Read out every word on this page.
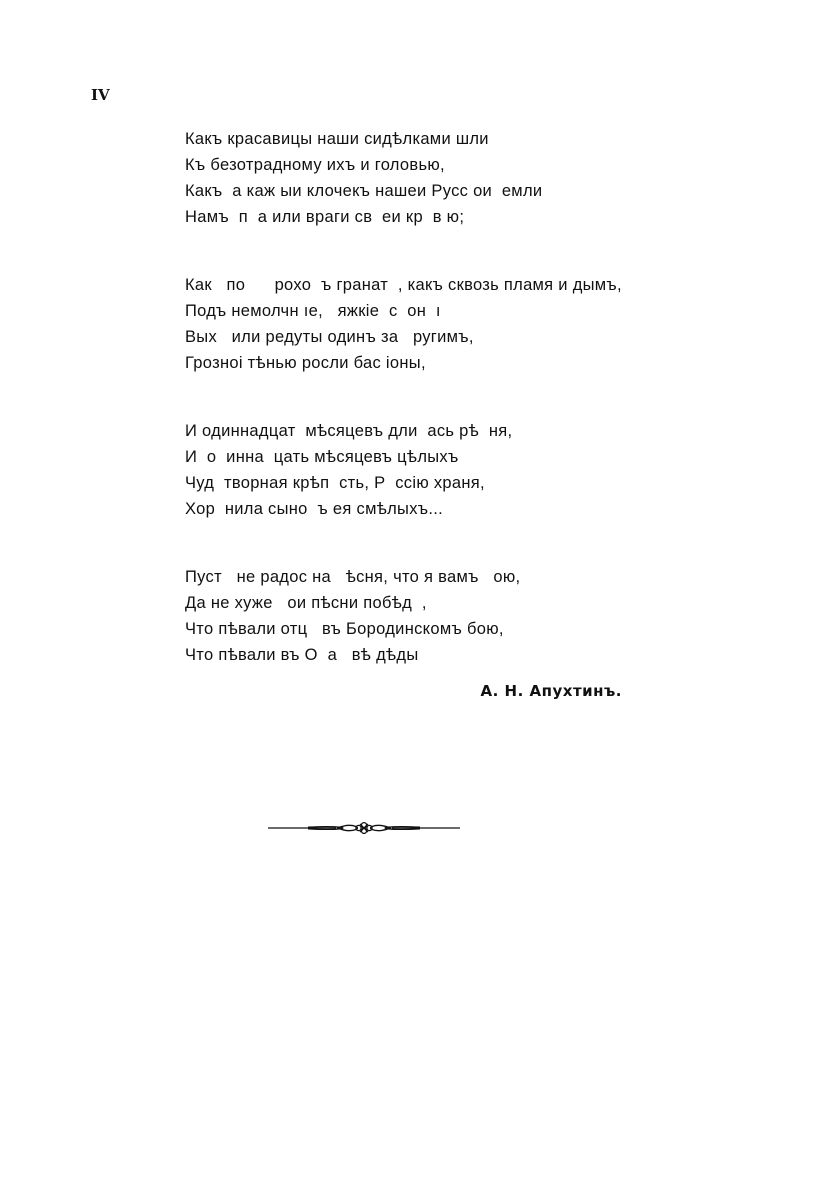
IV
Какъ красавицы наши сидѣлками шли
Къ безотрадному ихъ и головью,
Какъ  а каж ыи клочекъ нашеи Русс ои  емли
Намъ  п  а или враги св  еи кр  в ю;
Как   по      рохо  ъ гранат  , какъ сквозь пламя и дымъ,
Подъ немолчн ıе,   яжкіе  с  он  ı
Вых   или редуты одинъ за   ругимъ,
Грозноi тѣнью росли бас іоны,
И одиннадцат  мѣсяцевъ дли  ась рѣ  ня,
И  о  инна  цать мѣсяцевъ цѣлыхъ
Чуд  творная крѣп  сть, Р  ссію храня,
Хор  нила сыно  ъ ея смѣлыхъ...
Пуст   не радос на   ѣсня, что я вамъ   ою,
Да не хуже   ои пѣсни побѣд  ,
Что пѣвали отц   въ Бородинскомъ бою,
Что пѣвали въ О  а   вѣ дѣды
А. Н. Апухтинъ.
